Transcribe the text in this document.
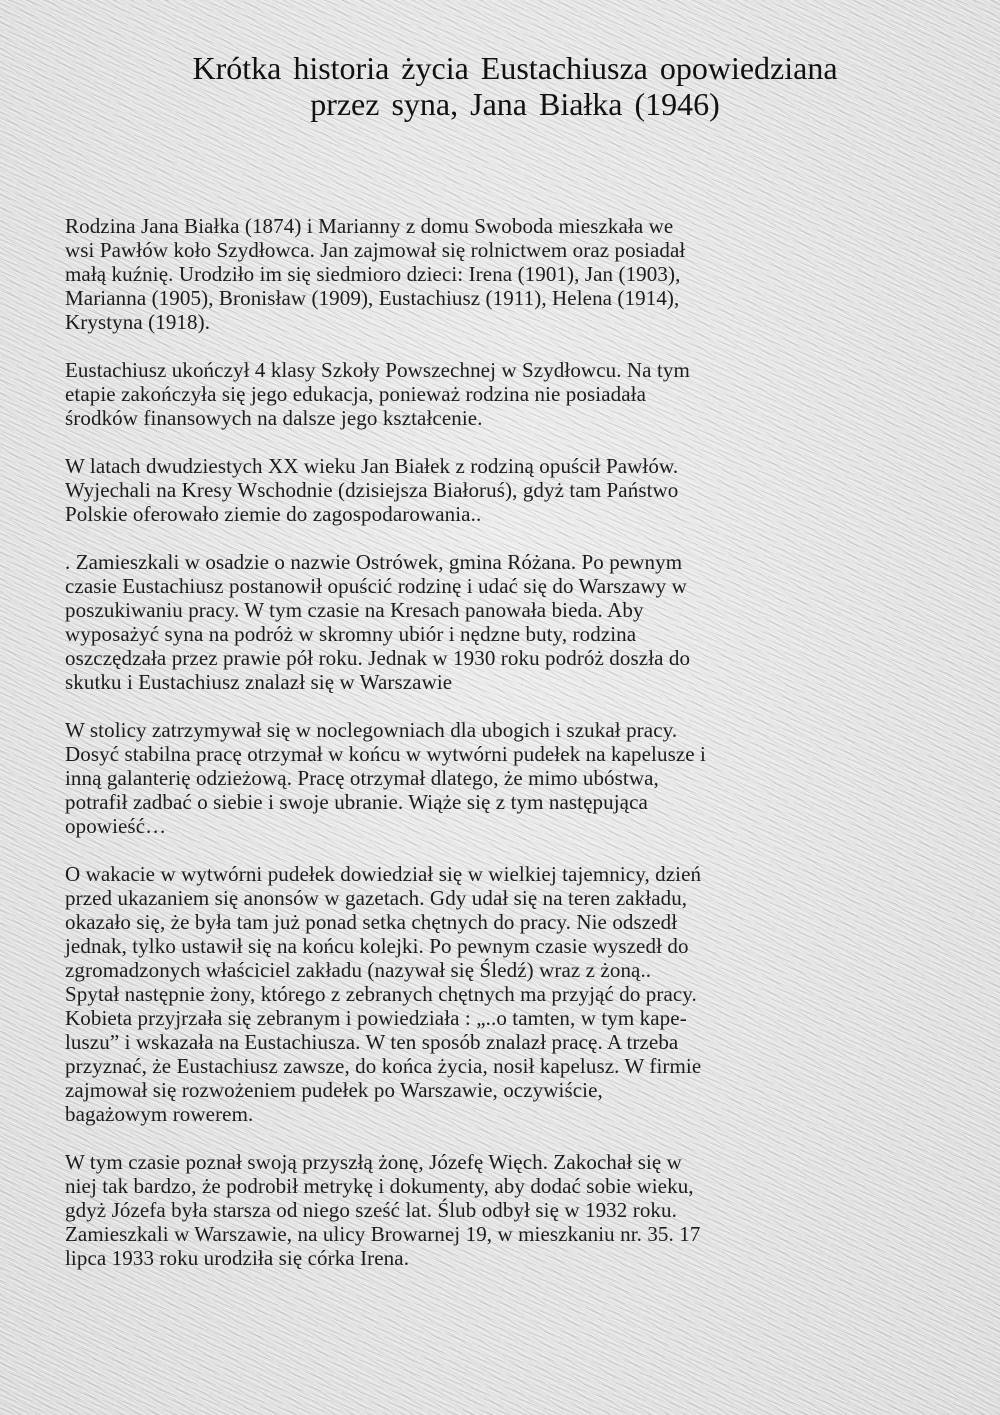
Krótka historia życia Eustachiusza opowiedziana
przez syna, Jana Białka (1946)

Rodzina Jana Białka (1874) i Marianny z domu Swoboda mieszkała we
wsi Pawłów koło Szydłowca. Jan zajmował się rolnictwem oraz posiadał
małą kuźnię. Urodziło im się siedmioro dzieci: Irena (1901), Jan (1903),
Marianna (1905), Bronisław (1909), Eustachiusz (1911), Helena (1914),
Krystyna (1918).

Eustachiusz ukończył 4 klasy Szkoły Powszechnej w Szydłowcu. Na tym
etapie zakończyła się jego edukacja, ponieważ rodzina nie posiadała
środków finansowych na dalsze jego kształcenie.

W latach dwudziestych XX wieku Jan Białek z rodziną opuścił Pawłów.
Wyjechali na Kresy Wschodnie (dzisiejsza Białoruś), gdyż tam Państwo
Polskie oferowało ziemie do zagospodarowania..

. Zamieszkali w osadzie o nazwie Ostrówek, gmina Różana. Po pewnym
czasie Eustachiusz postanowił opuścić rodzinę i udać się do Warszawy w
poszukiwaniu pracy. W tym czasie na Kresach panowała bieda. Aby
wyposażyć syna na podróż w skromny ubiór i nędzne buty, rodzina
oszczędzała przez prawie pół roku. Jednak w 1930 roku podróż doszła do
skutku i Eustachiusz znalazł się w Warszawie

W stolicy zatrzymywał się w noclegowniach dla ubogich i szukał pracy.
Dosyć stabilna pracę otrzymał w końcu w wytwórni pudełek na kapelusze i
inną galanterię odzieżową. Pracę otrzymał dlatego, że mimo ubóstwa,
potrafił zadbać o siebie i swoje ubranie. Wiąże się z tym następująca
opowieść…

O wakacie w wytwórni pudełek dowiedział się w wielkiej tajemnicy, dzień
przed ukazaniem się anonsów w gazetach. Gdy udał się na teren zakładu,
okazało się, że była tam już ponad setka chętnych do pracy. Nie odszedł
jednak, tylko ustawił się na końcu kolejki. Po pewnym czasie wyszedł do
zgromadzonych właściciel zakładu (nazywał się Śledź) wraz z żoną..
Spytał następnie żony, którego z zebranych chętnych ma przyjąć do pracy.
Kobieta przyjrzała się zebranym i powiedziała : „..o tamten, w tym kape-
luszu” i wskazała na Eustachiusza. W ten sposób znalazł pracę. A trzeba
przyznać, że Eustachiusz zawsze, do końca życia, nosił kapelusz. W firmie
zajmował się rozwożeniem pudełek po Warszawie, oczywiście,
bagażowym rowerem.

W tym czasie poznał swoją przyszłą żonę, Józefę Więch. Zakochał się w
niej tak bardzo, że podrobił metrykę i dokumenty, aby dodać sobie wieku,
gdyż Józefa była starsza od niego sześć lat. Ślub odbył się w 1932 roku.
Zamieszkali w Warszawie, na ulicy Browarnej 19, w mieszkaniu nr. 35. 17
lipca 1933 roku urodziła się córka Irena.
